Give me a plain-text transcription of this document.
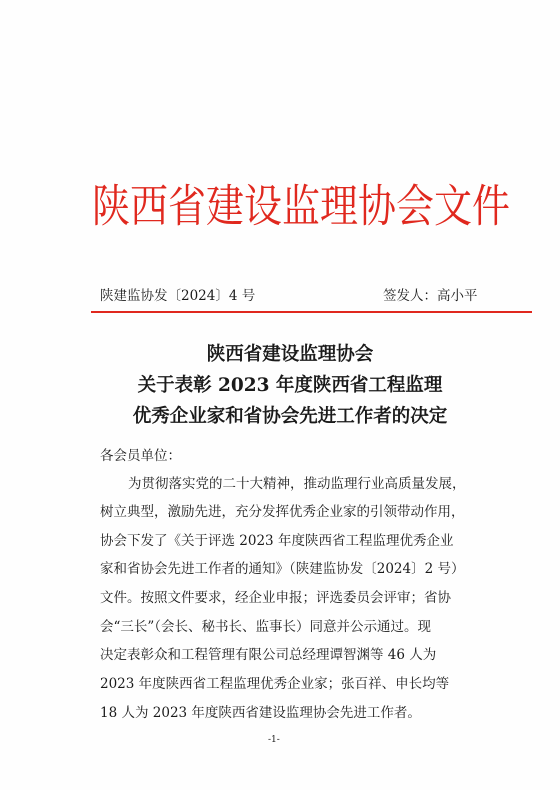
陕西省建设监理协会文件
陕建监协发〔2024〕4 号	签发人：高小平
陕西省建设监理协会
关于表彰 2023 年度陕西省工程监理
优秀企业家和省协会先进工作者的决定
各会员单位：
为贯彻落实党的二十大精神，推动监理行业高质量发展，
树立典型，激励先进，充分发挥优秀企业家的引领带动作用，
协会下发了《关于评选 2023 年度陕西省工程监理优秀企业
家和省协会先进工作者的通知》（陕建监协发〔2024〕2 号）
文件。按照文件要求，经企业申报；评选委员会评审；省协
会“三长”（会长、秘书长、监事长）同意并公示通过。现
决定表彰众和工程管理有限公司总经理谭智渊等 46 人为
2023 年度陕西省工程监理优秀企业家；张百祥、申长均等
18 人为 2023 年度陕西省建设监理协会先进工作者。
-1-
